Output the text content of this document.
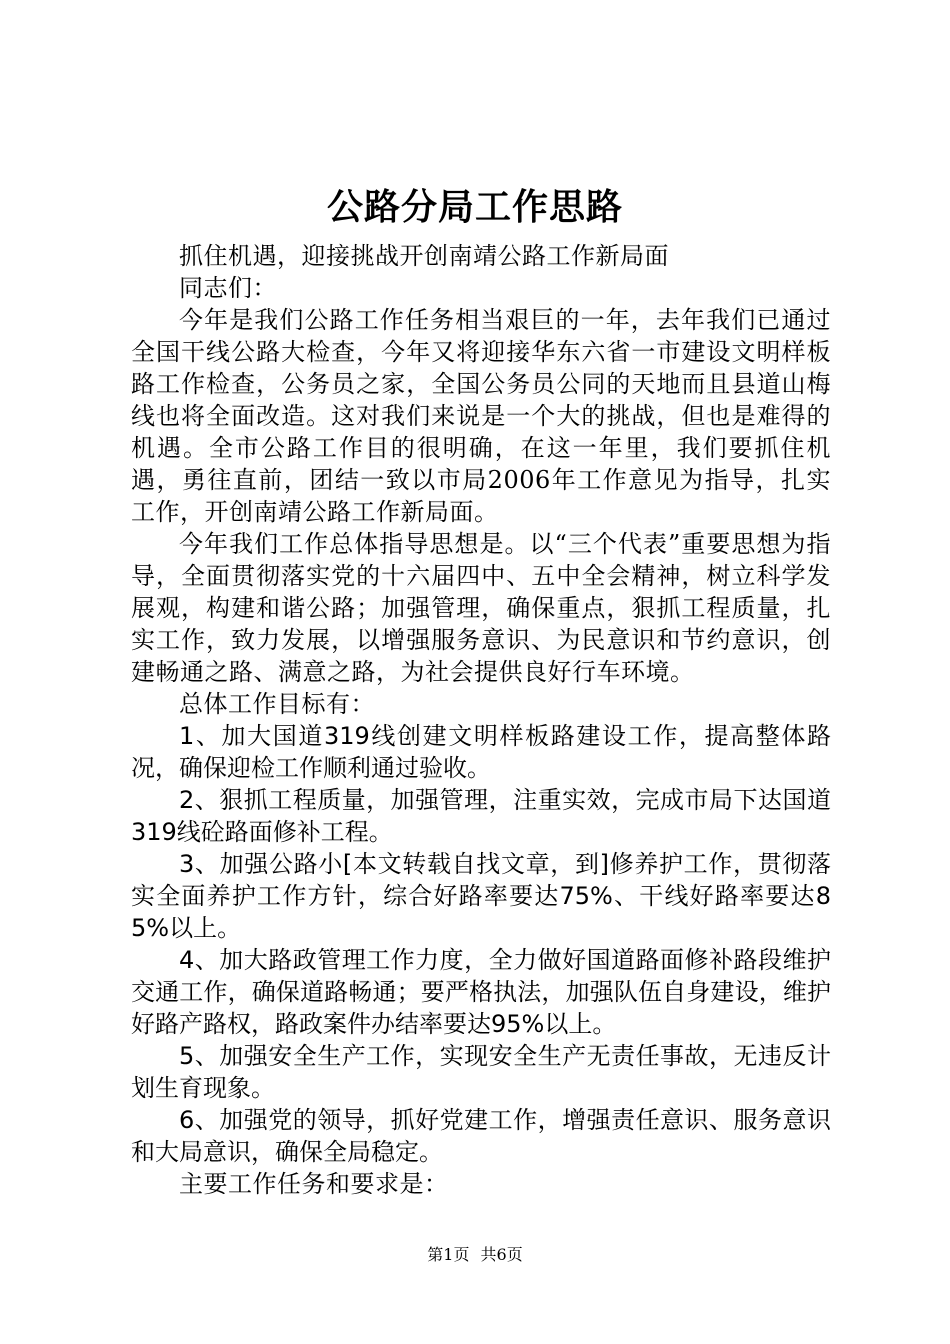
公路分局工作思路

抓住机遇，迎接挑战开创南靖公路工作新局面

同志们：

今年是我们公路工作任务相当艰巨的一年，去年我们已通过全国干线公路大检查，今年又将迎接华东六省一市建设文明样板路工作检查，公务员之家，全国公务员公同的天地而且县道山梅线也将全面改造。这对我们来说是一个大的挑战，但也是难得的机遇。全市公路工作目的很明确，在这一年里，我们要抓住机遇，勇往直前，团结一致以市局2006年工作意见为指导，扎实工作，开创南靖公路工作新局面。

今年我们工作总体指导思想是。以“三个代表”重要思想为指导，全面贯彻落实党的十六届四中、五中全会精神，树立科学发展观，构建和谐公路；加强管理，确保重点，狠抓工程质量，扎实工作，致力发展，以增强服务意识、为民意识和节约意识，创建畅通之路、满意之路，为社会提供良好行车环境。

总体工作目标有：

1、加大国道319线创建文明样板路建设工作，提高整体路况，确保迎检工作顺利通过验收。

2、狠抓工程质量，加强管理，注重实效，完成市局下达国道319线砼路面修补工程。

3、加强公路小[本文转载自找文章，到]修养护工作，贯彻落实全面养护工作方针，综合好路率要达75%、干线好路率要达85%以上。

4、加大路政管理工作力度，全力做好国道路面修补路段维护交通工作，确保道路畅通；要严格执法，加强队伍自身建设，维护好路产路权，路政案件办结率要达95%以上。

5、加强安全生产工作，实现安全生产无责任事故，无违反计划生育现象。

6、加强党的领导，抓好党建工作，增强责任意识、服务意识和大局意识，确保全局稳定。

主要工作任务和要求是：

第1页 共6页
